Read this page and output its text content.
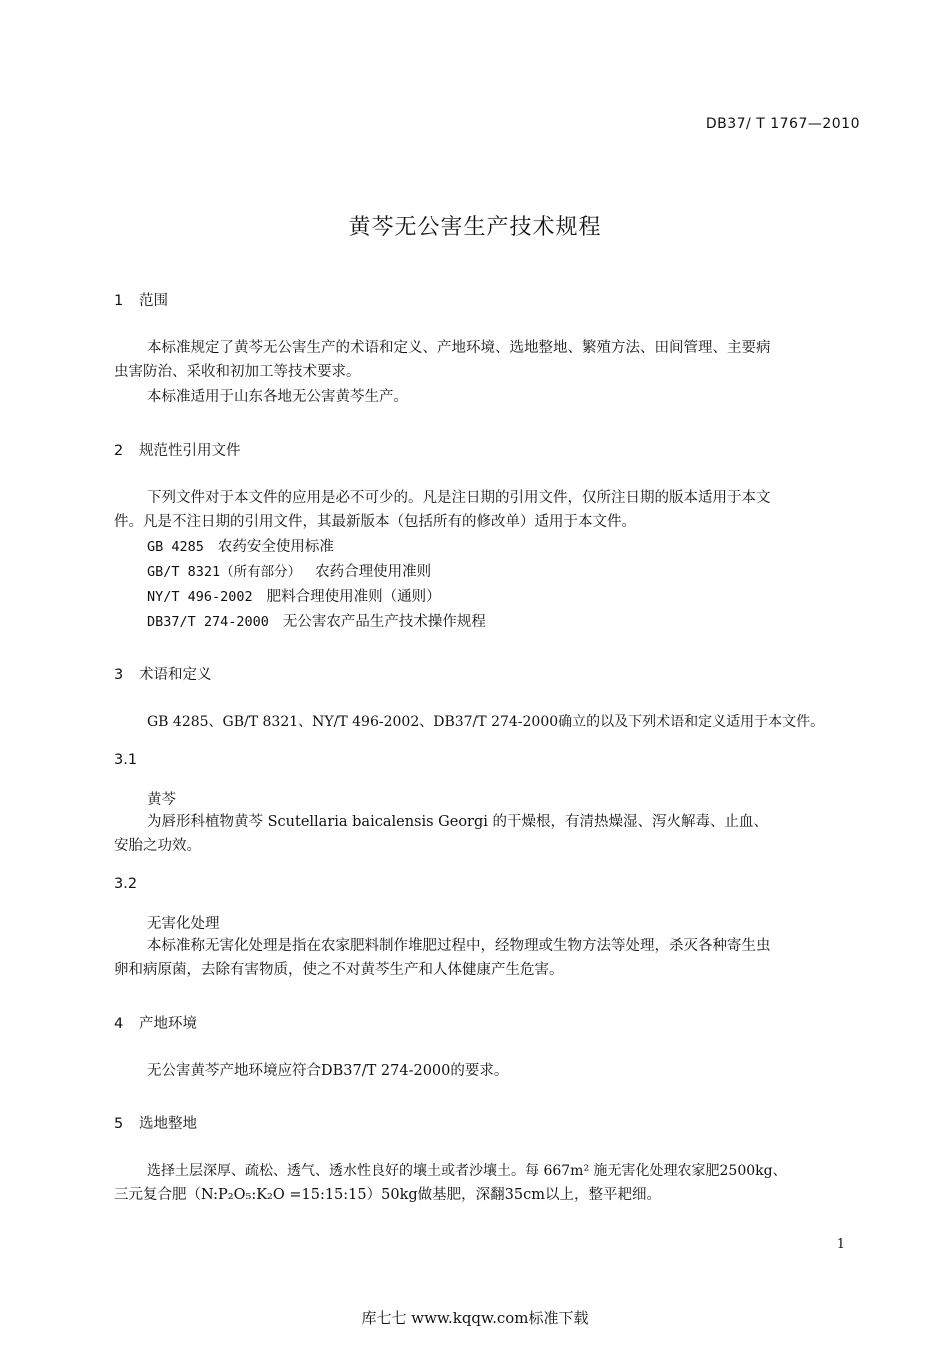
DB37/ T 1767—2010
黄芩无公害生产技术规程
1 范围
本标准规定了黄芩无公害生产的术语和定义、产地环境、选地整地、繁殖方法、田间管理、主要病
虫害防治、采收和初加工等技术要求。
本标准适用于山东各地无公害黄芩生产。
2 规范性引用文件
下列文件对于本文件的应用是必不可少的。凡是注日期的引用文件，仅所注日期的版本适用于本文
件。凡是不注日期的引用文件，其最新版本（包括所有的修改单）适用于本文件。
GB 4285 农药安全使用标准
GB/T 8321（所有部分） 农药合理使用准则
NY/T 496-2002 肥料合理使用准则（通则）
DB37/T 274-2000 无公害农产品生产技术操作规程
3 术语和定义
GB 4285、GB/T 8321、NY/T 496-2002、DB37/T 274-2000确立的以及下列术语和定义适用于本文件。
3.1
黄芩
为唇形科植物黄芩 Scutellaria baicalensis Georgi 的干燥根，有清热燥湿、泻火解毒、止血、
安胎之功效。
3.2
无害化处理
本标准称无害化处理是指在农家肥料制作堆肥过程中，经物理或生物方法等处理，杀灭各种寄生虫
卵和病原菌，去除有害物质，使之不对黄芩生产和人体健康产生危害。
4 产地环境
无公害黄芩产地环境应符合DB37/T 274-2000的要求。
5 选地整地
选择土层深厚、疏松、透气、透水性良好的壤土或者沙壤土。每 667m² 施无害化处理农家肥2500kg、
三元复合肥（N:P₂O₅:K₂O =15:15:15）50kg做基肥，深翻35cm以上，整平耙细。
1
库七七 www.kqqw.com标准下载
